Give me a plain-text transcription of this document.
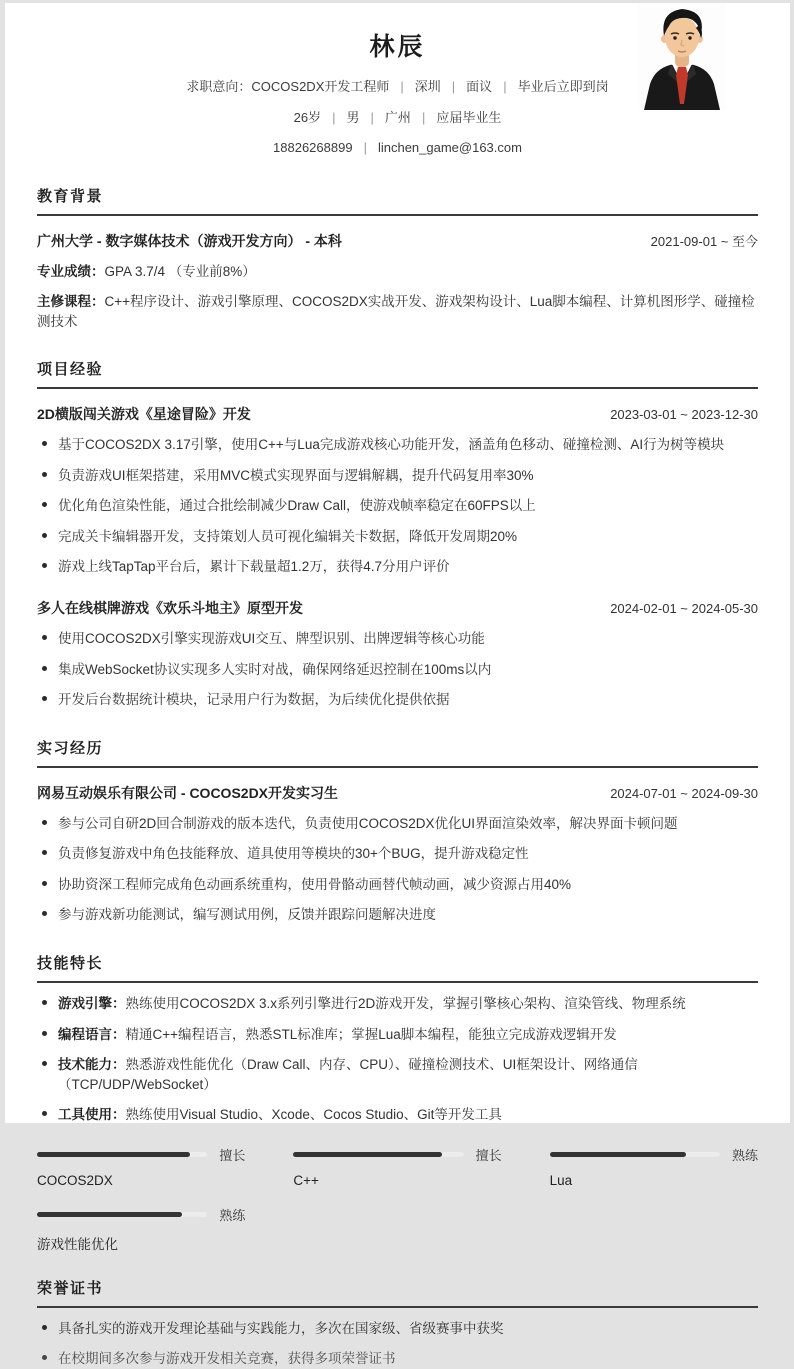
林辰

求职意向：COCOS2DX开发工程师 | 深圳 | 面议 | 毕业后立即到岗

26岁 | 男 | 广州 | 应届毕业生

18826268899 | linchen_game@163.com

教育背景
广州大学 - 数字媒体技术（游戏开发方向） - 本科	2021-09-01 ~ 至今

专业成绩：GPA 3.7/4 （专业前8%）

主修课程：C++程序设计、游戏引擎原理、COCOS2DX实战开发、游戏架构设计、Lua脚本编程、计算机图形学、碰撞检测技术

项目经验
2D横版闯关游戏《星途冒险》开发	2023-03-01 ~ 2023-12-30
基于COCOS2DX 3.17引擎，使用C++与Lua完成游戏核心功能开发，涵盖角色移动、碰撞检测、AI行为树等模块
负责游戏UI框架搭建，采用MVC模式实现界面与逻辑解耦，提升代码复用率30%
优化角色渲染性能，通过合批绘制减少Draw Call，使游戏帧率稳定在60FPS以上
完成关卡编辑器开发，支持策划人员可视化编辑关卡数据，降低开发周期20%
游戏上线TapTap平台后，累计下载量超1.2万，获得4.7分用户评价
多人在线棋牌游戏《欢乐斗地主》原型开发	2024-02-01 ~ 2024-05-30
使用COCOS2DX引擎实现游戏UI交互、牌型识别、出牌逻辑等核心功能
集成WebSocket协议实现多人实时对战，确保网络延迟控制在100ms以内
开发后台数据统计模块，记录用户行为数据，为后续优化提供依据
实习经历
网易互动娱乐有限公司 - COCOS2DX开发实习生	2024-07-01 ~ 2024-09-30
参与公司自研2D回合制游戏的版本迭代，负责使用COCOS2DX优化UI界面渲染效率，解决界面卡顿问题
负责修复游戏中角色技能释放、道具使用等模块的30+个BUG，提升游戏稳定性
协助资深工程师完成角色动画系统重构，使用骨骼动画替代帧动画，减少资源占用40%
参与游戏新功能测试，编写测试用例，反馈并跟踪问题解决进度
技能特长
游戏引擎：熟练使用COCOS2DX 3.x系列引擎进行2D游戏开发，掌握引擎核心架构、渲染管线、物理系统
编程语言：精通C++编程语言，熟悉STL标准库；掌握Lua脚本编程，能独立完成游戏逻辑开发
技术能力：熟悉游戏性能优化（Draw Call、内存、CPU）、碰撞检测技术、UI框架设计、网络通信（TCP/UDP/WebSocket）
工具使用：熟练使用Visual Studio、Xcode、Cocos Studio、Git等开发工具
擅长
COCOS2DX
擅长
C++
熟练
Lua
熟练
游戏性能优化
荣誉证书
具备扎实的游戏开发理论基础与实践能力，多次在国家级、省级赛事中获奖
在校期间多次参与游戏开发相关竞赛，获得多项荣誉证书
